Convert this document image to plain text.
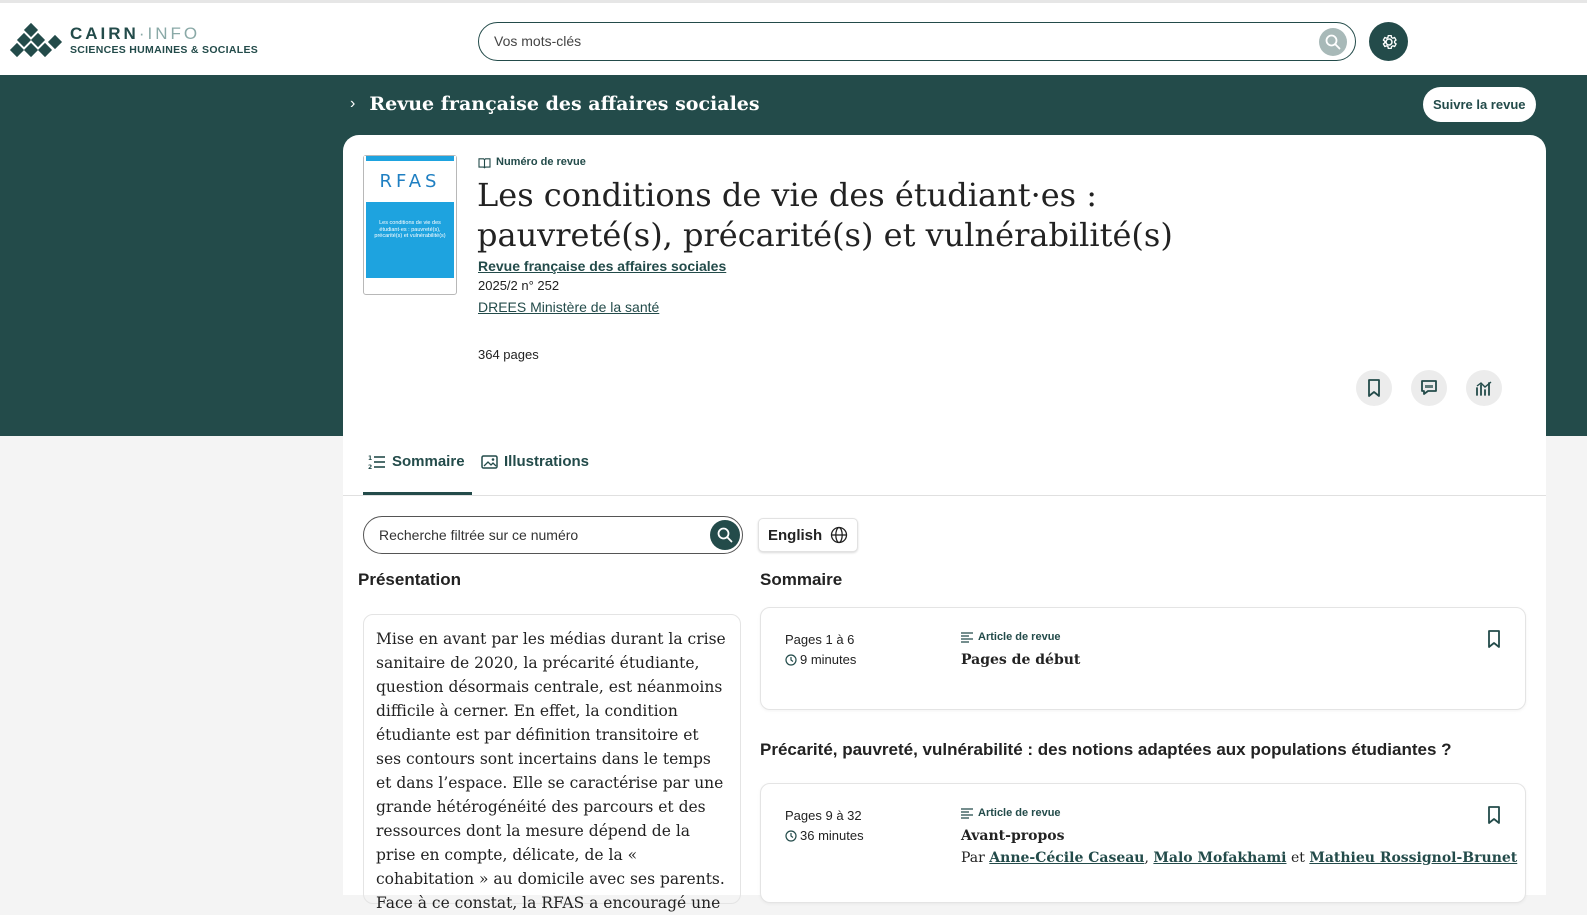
CAIRN·INFO
SCIENCES HUMAINES & SOCIALES
Vos mots-clés
› Revue française des affaires sociales	Suivre la revue
RFAS
Les conditions de vie des étudiant·es : pauvreté(s), précarité(s) et vulnérabilité(s)
Numéro de revue
Les conditions de vie des étudiant·es : pauvreté(s), précarité(s) et vulnérabilité(s)
Revue française des affaires sociales
2025/2 n° 252
DREES Ministère de la santé
364 pages
1
2 Sommaire	Illustrations
Recherche filtrée sur ce numéro
English
Présentation	Sommaire
Mise en avant par les médias durant la crise sanitaire de 2020, la précarité étudiante, question désormais centrale, est néanmoins difficile à cerner. En effet, la condition étudiante est par définition transitoire et ses contours sont incertains dans le temps et dans l’espace. Elle se caractérise par une grande hétérogénéité des parcours et des ressources dont la mesure dépend de la prise en compte, délicate, de la « cohabitation » au domicile avec ses parents. Face à ce constat, la RFAS a encouragé une
Pages 1 à 6
9 minutes
Article de revue
Pages de début
Précarité, pauvreté, vulnérabilité : des notions adaptées aux populations étudiantes ?
Pages 9 à 32
36 minutes
Article de revue
Avant-propos
Par Anne-Cécile Caseau, Malo Mofakhami et Mathieu Rossignol-Brunet
